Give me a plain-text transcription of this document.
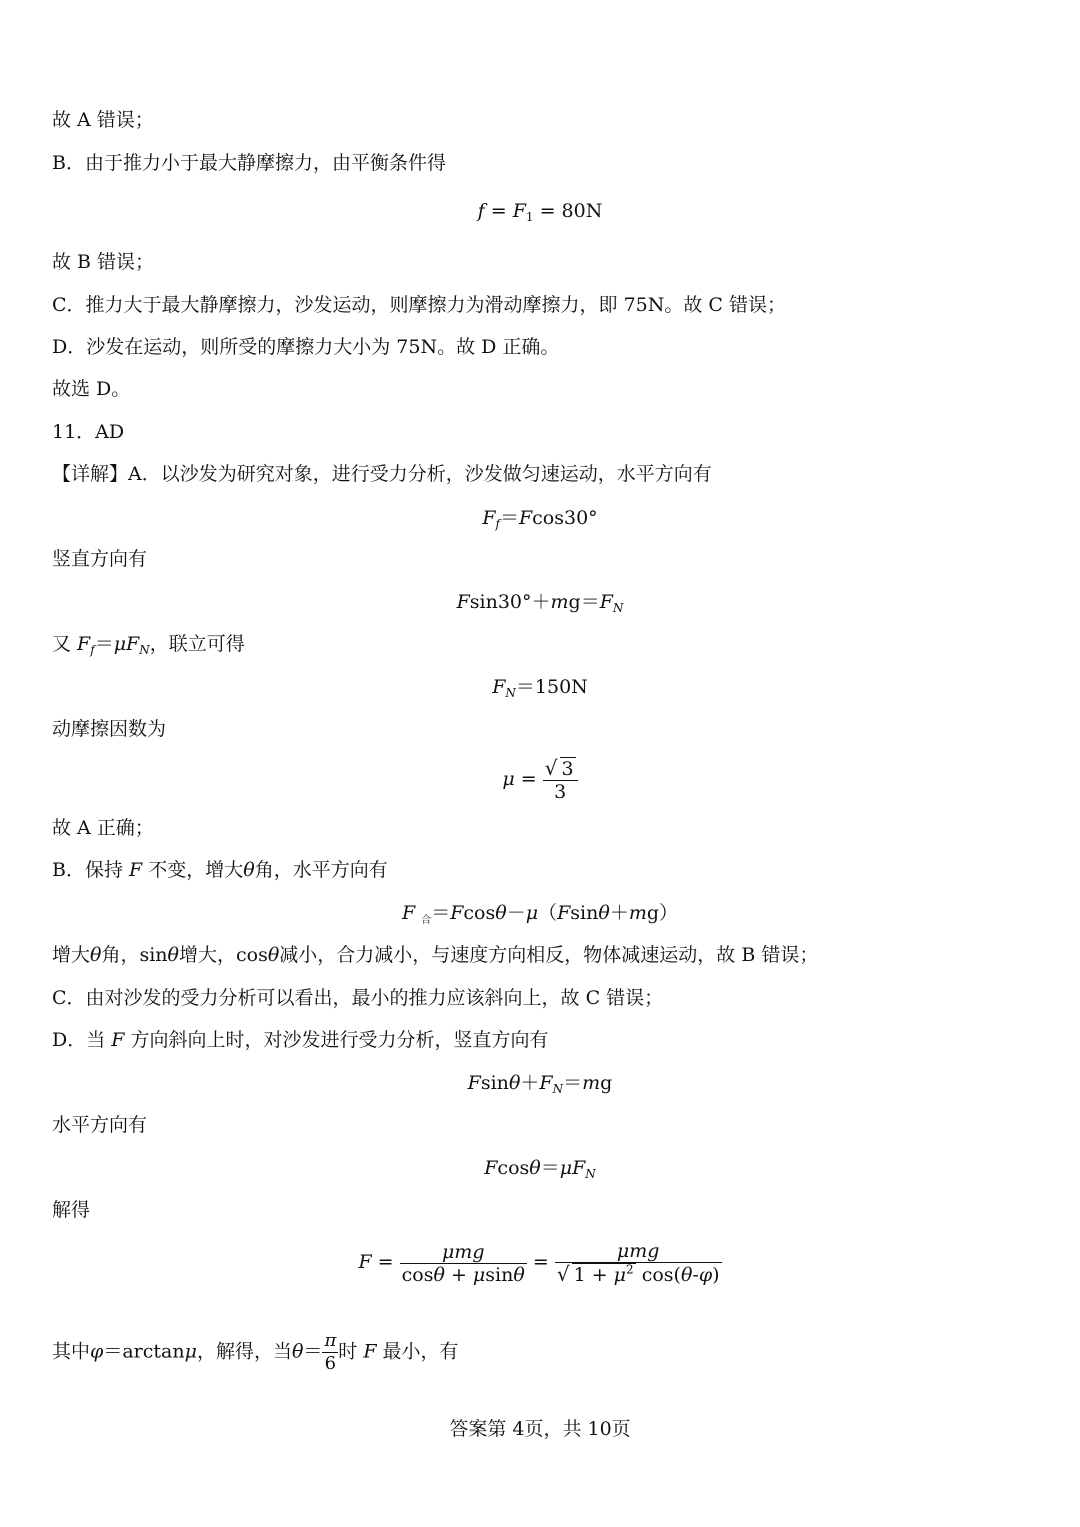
故 A 错误；
B．由于推力小于最大静摩擦力，由平衡条件得
$f = F_1 = 80N$
故 B 错误；
C．推力大于最大静摩擦力，沙发运动，则摩擦力为滑动摩擦力，即 75N。故 C 错误；
D．沙发在运动，则所受的摩擦力大小为 75N。故 D 正确。
故选 D。
11．AD
【详解】A．以沙发为研究对象，进行受力分析，沙发做匀速运动，水平方向有
$F_f=Fcos30^\circ$
竖直方向有
$Fsin30^\circ+mg=F_N$
又 $F_f=\mu F_N$，联立可得
$F_N=150N$
动摩擦因数为
$\mu = \frac{√ 3}{3}$
故 A 正确；
B．保持 F 不变，增大θ角，水平方向有
F $_合$＝Fcosθ－μ（Fsinθ＋mg）
增大θ角，sinθ增大，cosθ减小，合力减小，与速度方向相反，物体减速运动，故 B 错误；
C．由对沙发的受力分析可以看出，最小的推力应该斜向上，故 C 错误；
D．当 F 方向斜向上时，对沙发进行受力分析，竖直方向有
$Fsin\theta+F_N=mg$
水平方向有
$Fcos\theta=\mu F_N$
解得
$F = \frac{\text{μmg}}{\cos\theta + \mu\sin\theta} = \frac{\text{μmg}}{√ 1 + \mu^2 \cos(\theta-\varphi)}$
其中φ＝arctanμ，解得，当$\theta= \frac{\pi}{6}$ 时 F 最小，有
答案第 4页，共 10页
